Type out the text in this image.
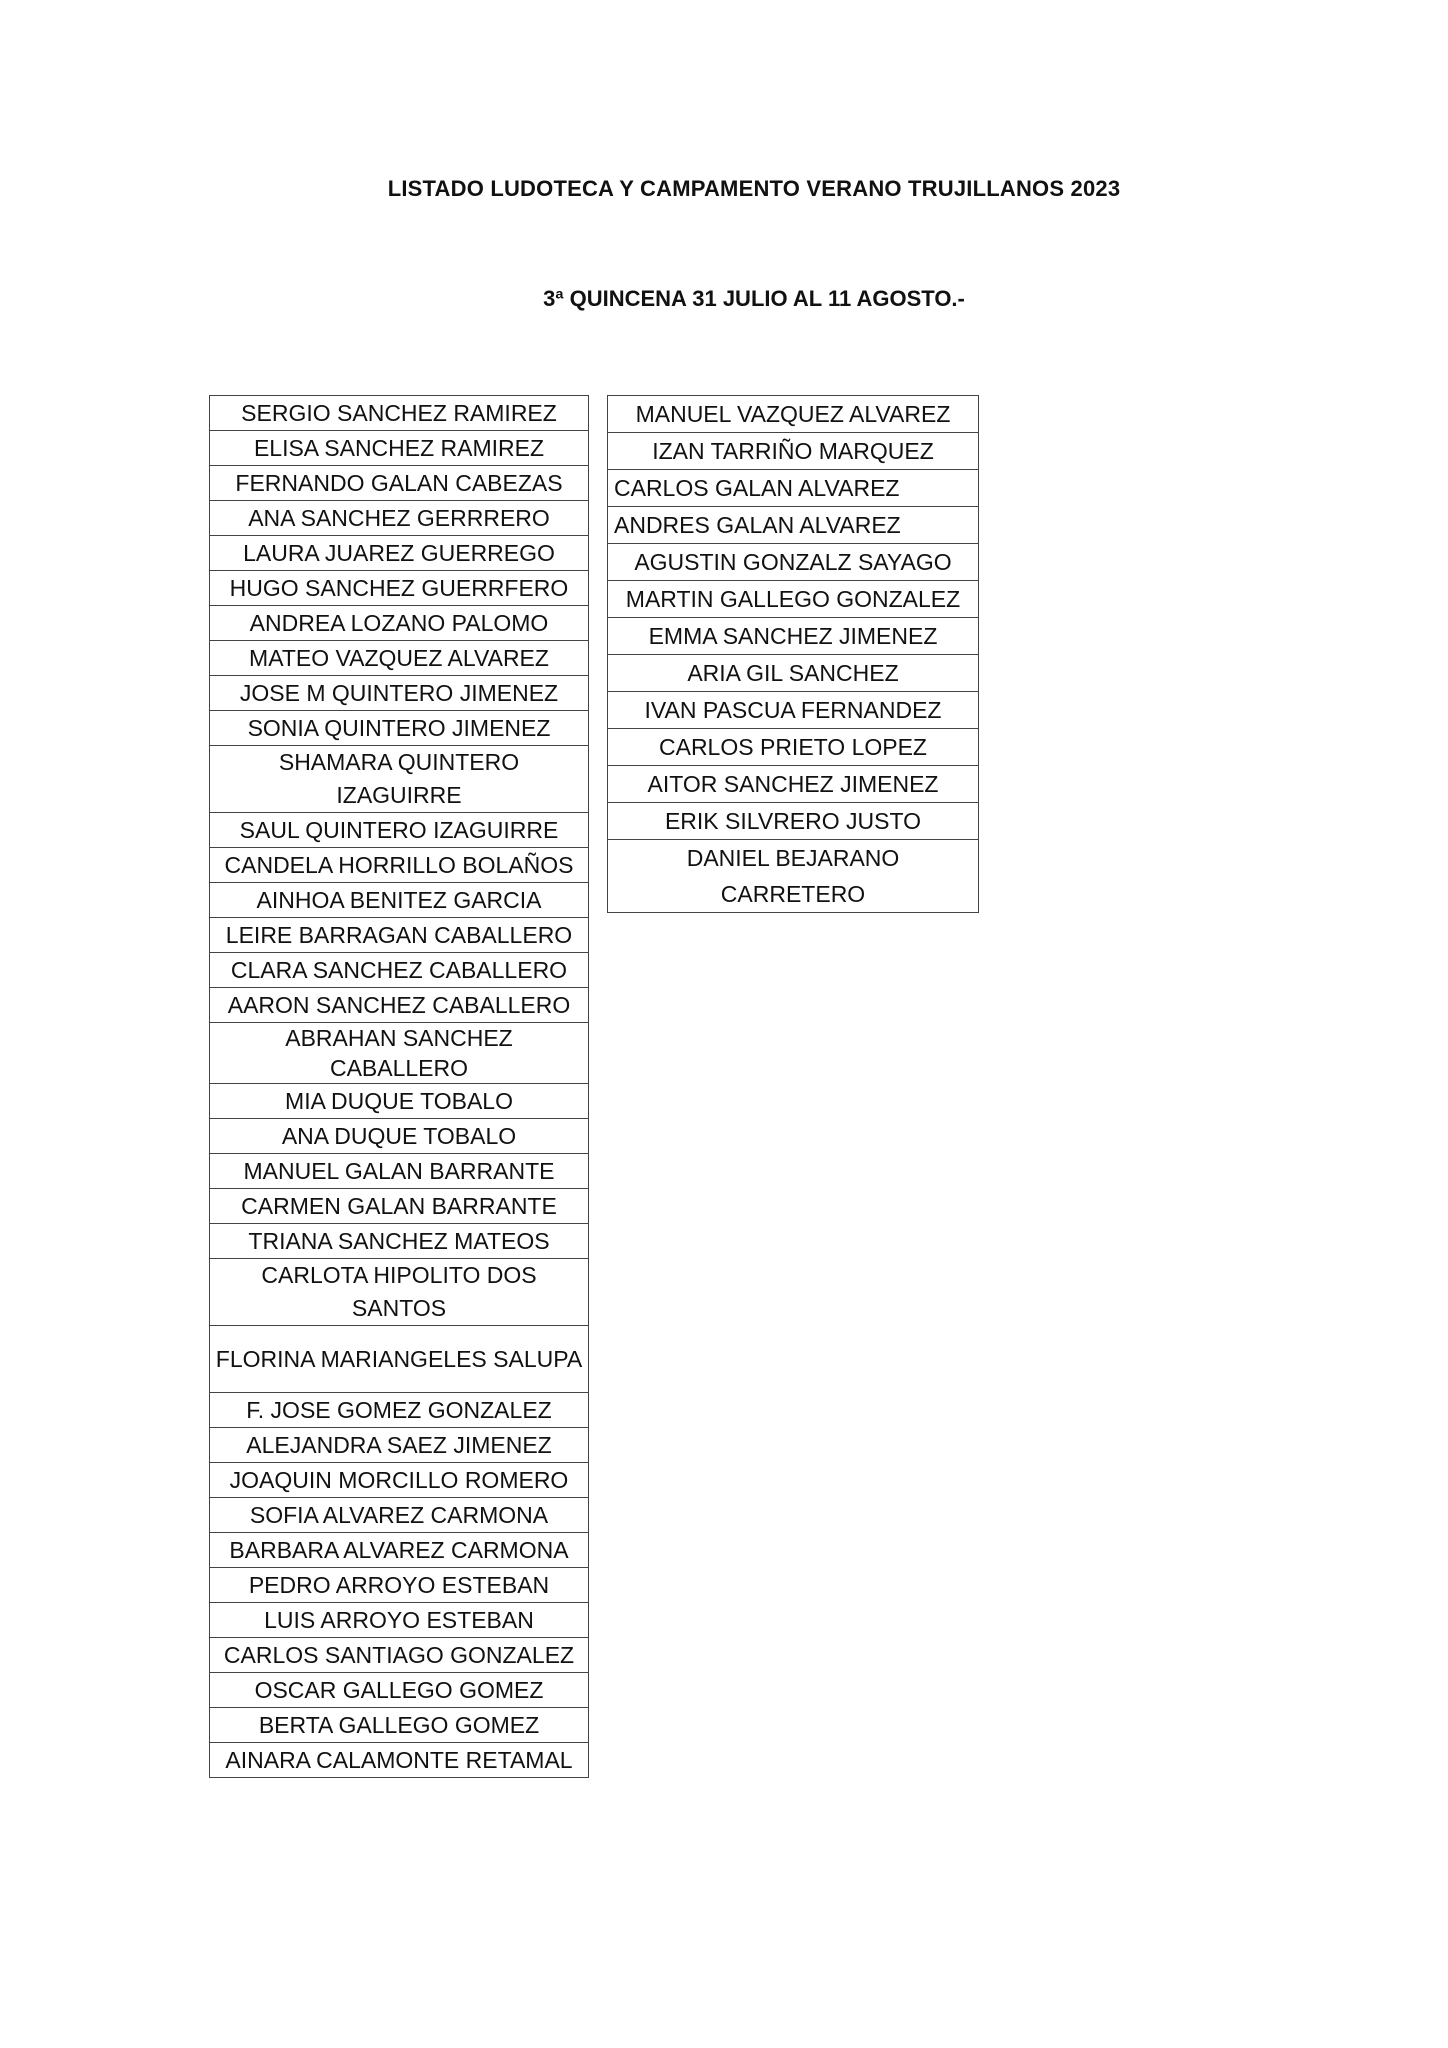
LISTADO LUDOTECA Y CAMPAMENTO VERANO TRUJILLANOS 2023
3ª QUINCENA 31 JULIO AL 11 AGOSTO.-
SERGIO SANCHEZ RAMIREZ
ELISA SANCHEZ RAMIREZ
FERNANDO GALAN CABEZAS
ANA SANCHEZ GERRRERO
LAURA JUAREZ GUERREGO
HUGO SANCHEZ GUERRFERO
ANDREA LOZANO PALOMO
MATEO VAZQUEZ ALVAREZ
JOSE M QUINTERO JIMENEZ
SONIA QUINTERO JIMENEZ
SHAMARA QUINTERO IZAGUIRRE
SAUL QUINTERO IZAGUIRRE
CANDELA HORRILLO BOLAÑOS
AINHOA BENITEZ GARCIA
LEIRE BARRAGAN CABALLERO
CLARA SANCHEZ CABALLERO
AARON SANCHEZ CABALLERO
ABRAHAN SANCHEZ CABALLERO
MIA DUQUE TOBALO
ANA DUQUE TOBALO
MANUEL GALAN BARRANTE
CARMEN GALAN BARRANTE
TRIANA SANCHEZ MATEOS
CARLOTA HIPOLITO DOS SANTOS
FLORINA MARIANGELES SALUPA
F. JOSE GOMEZ GONZALEZ
ALEJANDRA SAEZ JIMENEZ
JOAQUIN MORCILLO ROMERO
SOFIA ALVAREZ CARMONA
BARBARA ALVAREZ CARMONA
PEDRO ARROYO ESTEBAN
LUIS ARROYO ESTEBAN
CARLOS SANTIAGO GONZALEZ
OSCAR GALLEGO GOMEZ
BERTA GALLEGO GOMEZ
AINARA CALAMONTE RETAMAL
MANUEL VAZQUEZ ALVAREZ
IZAN TARRIÑO MARQUEZ
CARLOS GALAN ALVAREZ
ANDRES GALAN ALVAREZ
AGUSTIN GONZALZ SAYAGO
MARTIN GALLEGO GONZALEZ
EMMA SANCHEZ JIMENEZ
ARIA GIL SANCHEZ
IVAN PASCUA FERNANDEZ
CARLOS PRIETO LOPEZ
AITOR SANCHEZ JIMENEZ
ERIK SILVRERO JUSTO
DANIEL BEJARANO CARRETERO
